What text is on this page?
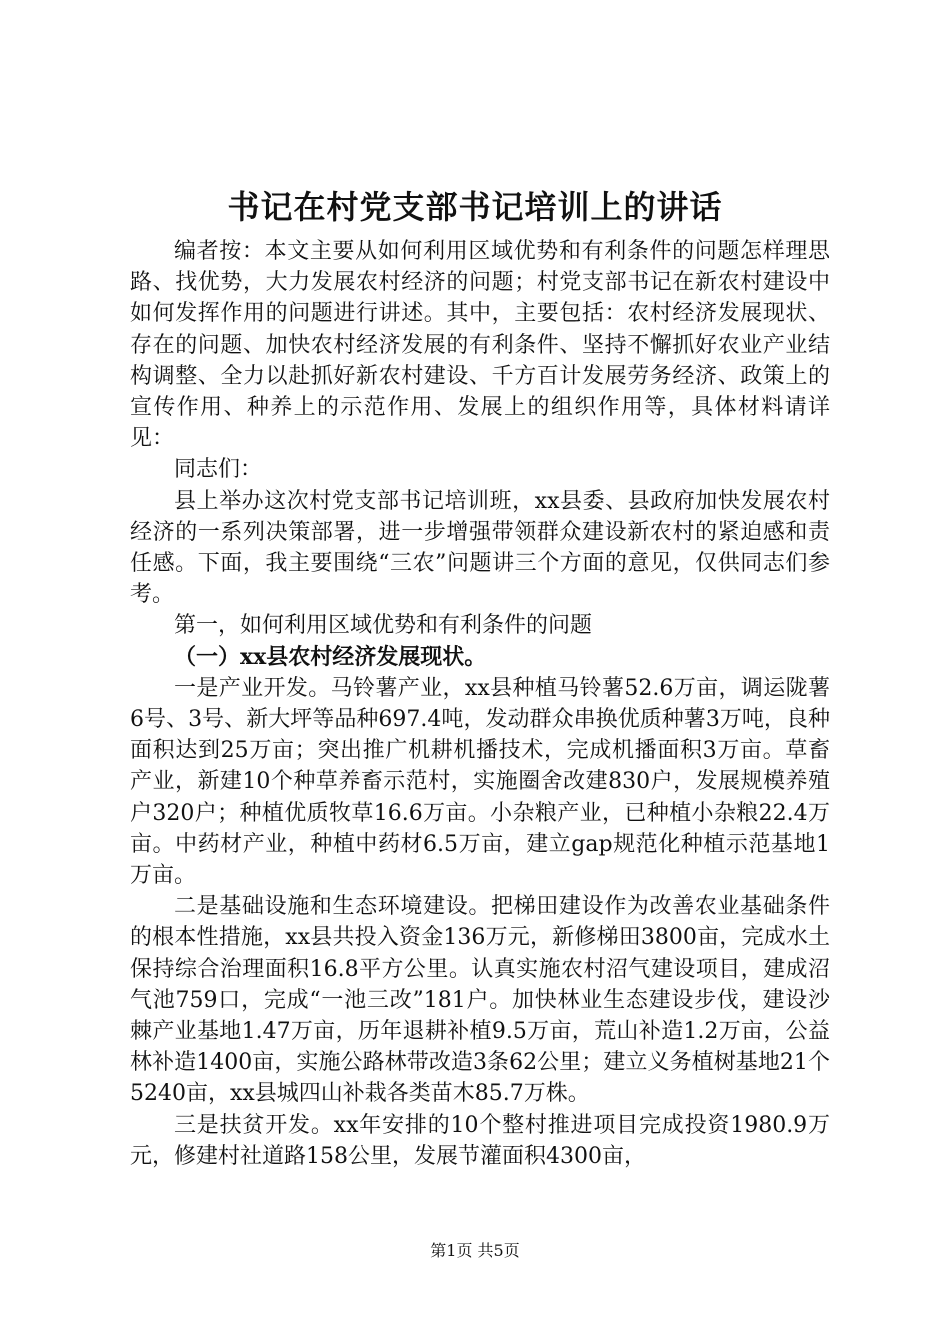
书记在村党支部书记培训上的讲话

编者按：本文主要从如何利用区域优势和有利条件的问题怎样理思路、找优势，大力发展农村经济的问题；村党支部书记在新农村建设中如何发挥作用的问题进行讲述。其中，主要包括：农村经济发展现状、存在的问题、加快农村经济发展的有利条件、坚持不懈抓好农业产业结构调整、全力以赴抓好新农村建设、千方百计发展劳务经济、政策上的宣传作用、种养上的示范作用、发展上的组织作用等，具体材料请详见：

同志们：

县上举办这次村党支部书记培训班，xx县委、县政府加快发展农村经济的一系列决策部署，进一步增强带领群众建设新农村的紧迫感和责任感。下面，我主要围绕“三农”问题讲三个方面的意见，仅供同志们参考。

第一，如何利用区域优势和有利条件的问题

（一）xx县农村经济发展现状。

一是产业开发。马铃薯产业，xx县种植马铃薯52.6万亩，调运陇薯6号、3号、新大坪等品种697.4吨，发动群众串换优质种薯3万吨，良种面积达到25万亩；突出推广机耕机播技术，完成机播面积3万亩。草畜产业，新建10个种草养畜示范村，实施圈舍改建830户，发展规模养殖户320户；种植优质牧草16.6万亩。小杂粮产业，已种植小杂粮22.4万亩。中药材产业，种植中药材6.5万亩，建立gap规范化种植示范基地1万亩。

二是基础设施和生态环境建设。把梯田建设作为改善农业基础条件的根本性措施，xx县共投入资金136万元，新修梯田3800亩，完成水土保持综合治理面积16.8平方公里。认真实施农村沼气建设项目，建成沼气池759口，完成“一池三改”181户。加快林业生态建设步伐，建设沙棘产业基地1.47万亩，历年退耕补植9.5万亩，荒山补造1.2万亩，公益林补造1400亩，实施公路林带改造3条62公里；建立义务植树基地21个5240亩，xx县城四山补栽各类苗木85.7万株。

三是扶贫开发。xx年安排的10个整村推进项目完成投资1980.9万元，修建村社道路158公里，发展节灌面积4300亩，

第1页 共5页
